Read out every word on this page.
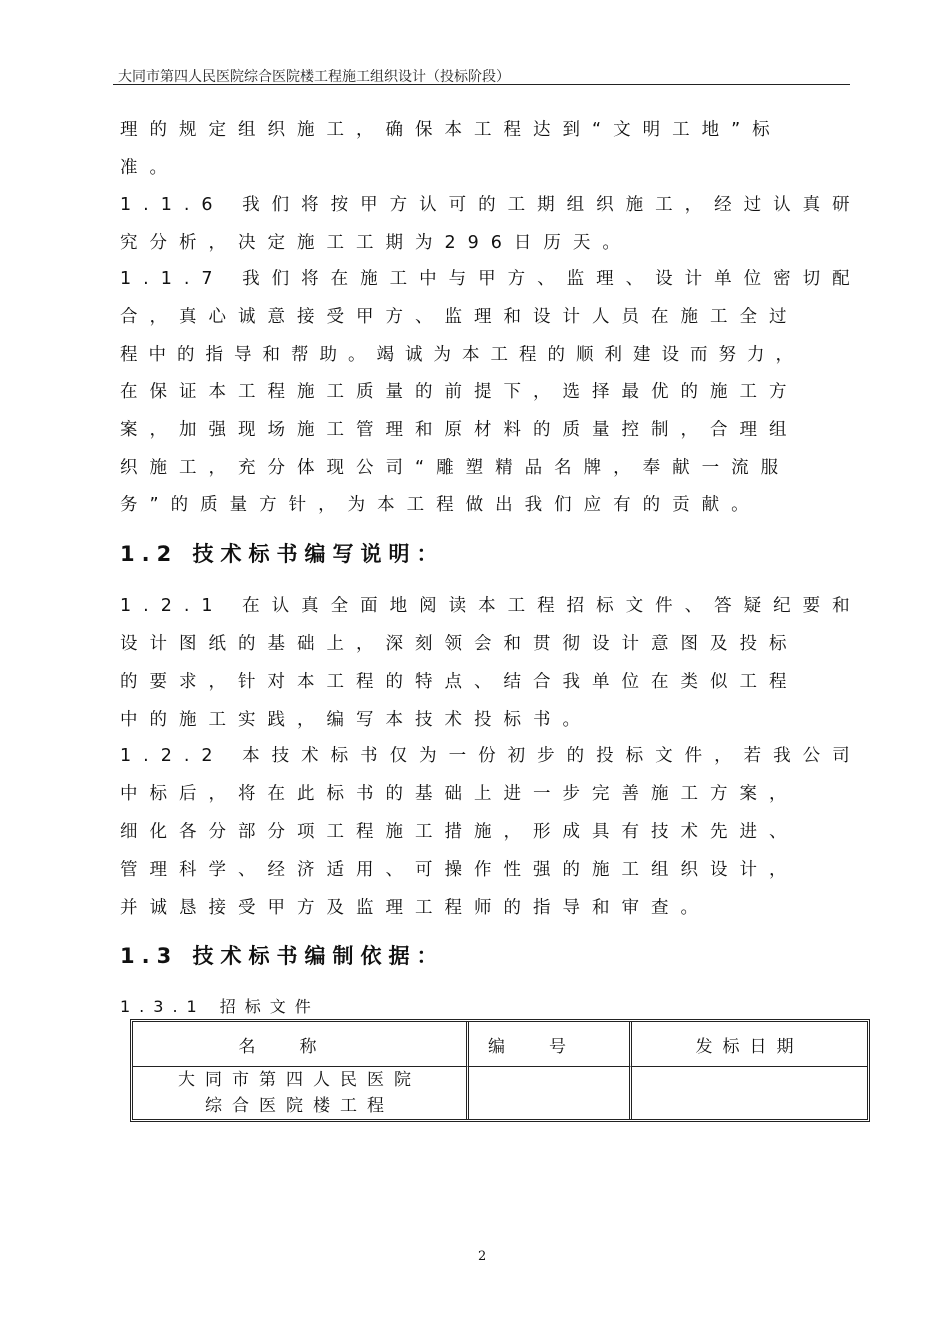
大同市第四人民医院综合医院楼工程施工组织设计（投标阶段）
理的规定组织施工，确保本工程达到“文明工地”标
准。
1.1.6 我们将按甲方认可的工期组织施工，经过认真研
究分析，决定施工工期为296日历天。
1.1.7 我们将在施工中与甲方、监理、设计单位密切配
合，真心诚意接受甲方、监理和设计人员在施工全过
程中的指导和帮助。竭诚为本工程的顺利建设而努力，
在保证本工程施工质量的前提下，选择最优的施工方
案，加强现场施工管理和原材料的质量控制，合理组
织施工，充分体现公司“雕塑精品名牌，奉献一流服
务”的质量方针，为本工程做出我们应有的贡献。
1.2 技术标书编写说明：
1.2.1 在认真全面地阅读本工程招标文件、答疑纪要和
设计图纸的基础上，深刻领会和贯彻设计意图及投标
的要求，针对本工程的特点、结合我单位在类似工程
中的施工实践，编写本技术投标书。
1.2.2 本技术标书仅为一份初步的投标文件，若我公司
中标后，将在此标书的基础上进一步完善施工方案，
细化各分部分项工程施工措施，形成具有技术先进、
管理科学、经济适用、可操作性强的施工组织设计，
并诚恳接受甲方及监理工程师的指导和审查。
1.3 技术标书编制依据：
1.3.1 招标文件
名称	编号	发标日期

大同市第四人民医院
综合医院楼工程		

2
